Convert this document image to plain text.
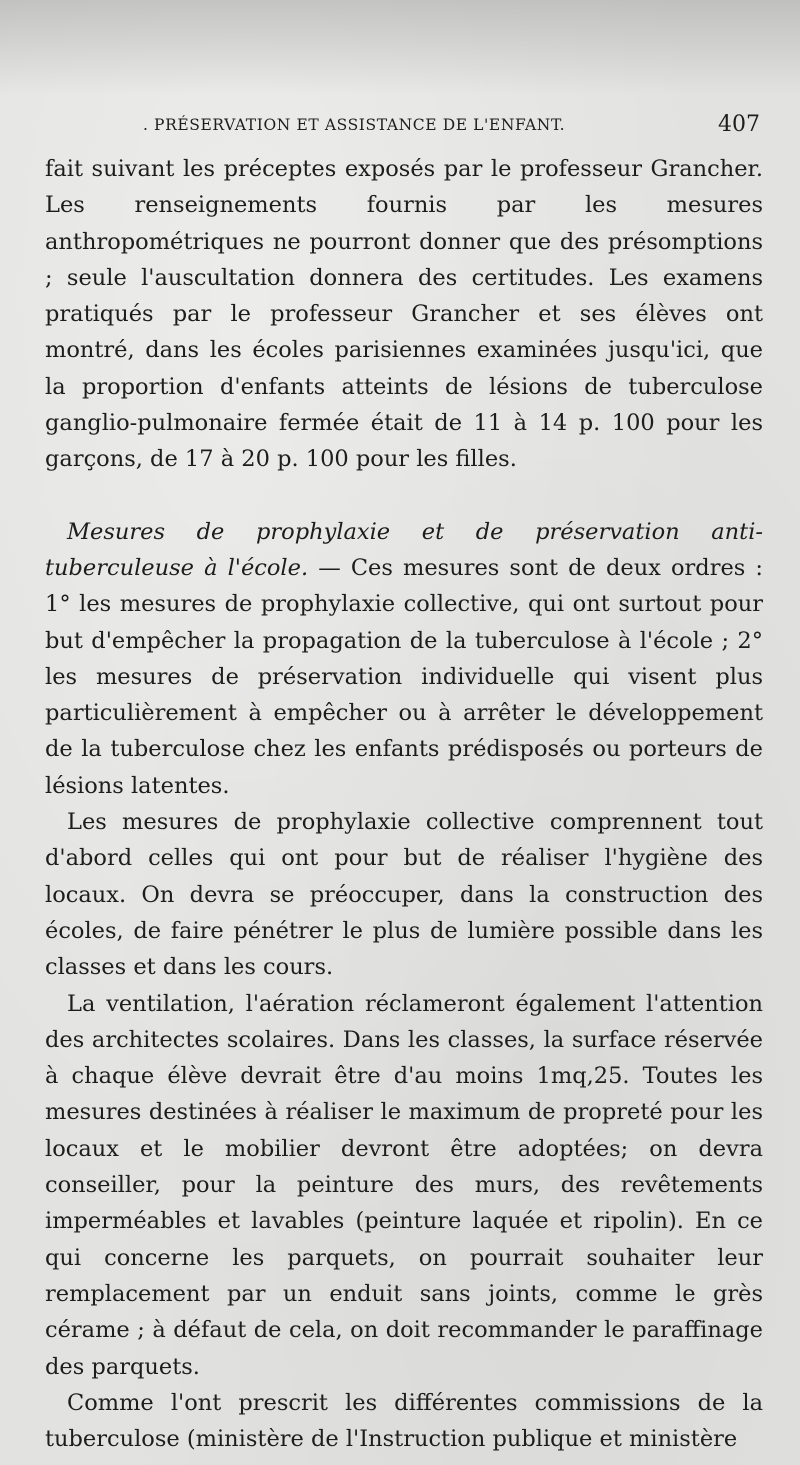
. PRÉSERVATION ET ASSISTANCE DE L'ENFANT.	407

fait suivant les préceptes exposés par le professeur Grancher. Les renseignements fournis par les mesures anthropométriques ne pourront donner que des présomptions ; seule l'auscultation donnera des certitudes. Les examens pratiqués par le professeur Grancher et ses élèves ont montré, dans les écoles parisiennes examinées jusqu'ici, que la proportion d'enfants atteints de lésions de tuberculose ganglio-pulmonaire fermée était de 11 à 14 p. 100 pour les garçons, de 17 à 20 p. 100 pour les filles.

Mesures de prophylaxie et de préservation anti-tuberculeuse à l'école. — Ces mesures sont de deux ordres : 1° les mesures de prophylaxie collective, qui ont surtout pour but d'empêcher la propagation de la tuberculose à l'école ; 2° les mesures de préservation individuelle qui visent plus particulièrement à empêcher ou à arrêter le développement de la tuberculose chez les enfants prédisposés ou porteurs de lésions latentes.

Les mesures de prophylaxie collective comprennent tout d'abord celles qui ont pour but de réaliser l'hygiène des locaux. On devra se préoccuper, dans la construction des écoles, de faire pénétrer le plus de lumière possible dans les classes et dans les cours.

La ventilation, l'aération réclameront également l'attention des architectes scolaires. Dans les classes, la surface réservée à chaque élève devrait être d'au moins 1mq,25. Toutes les mesures destinées à réaliser le maximum de propreté pour les locaux et le mobilier devront être adoptées; on devra conseiller, pour la peinture des murs, des revêtements imperméables et lavables (peinture laquée et ripolin). En ce qui concerne les parquets, on pourrait souhaiter leur remplacement par un enduit sans joints, comme le grès cérame ; à défaut de cela, on doit recommander le paraffinage des parquets.

Comme l'ont prescrit les différentes commissions de la tuberculose (ministère de l'Instruction publique et ministère
